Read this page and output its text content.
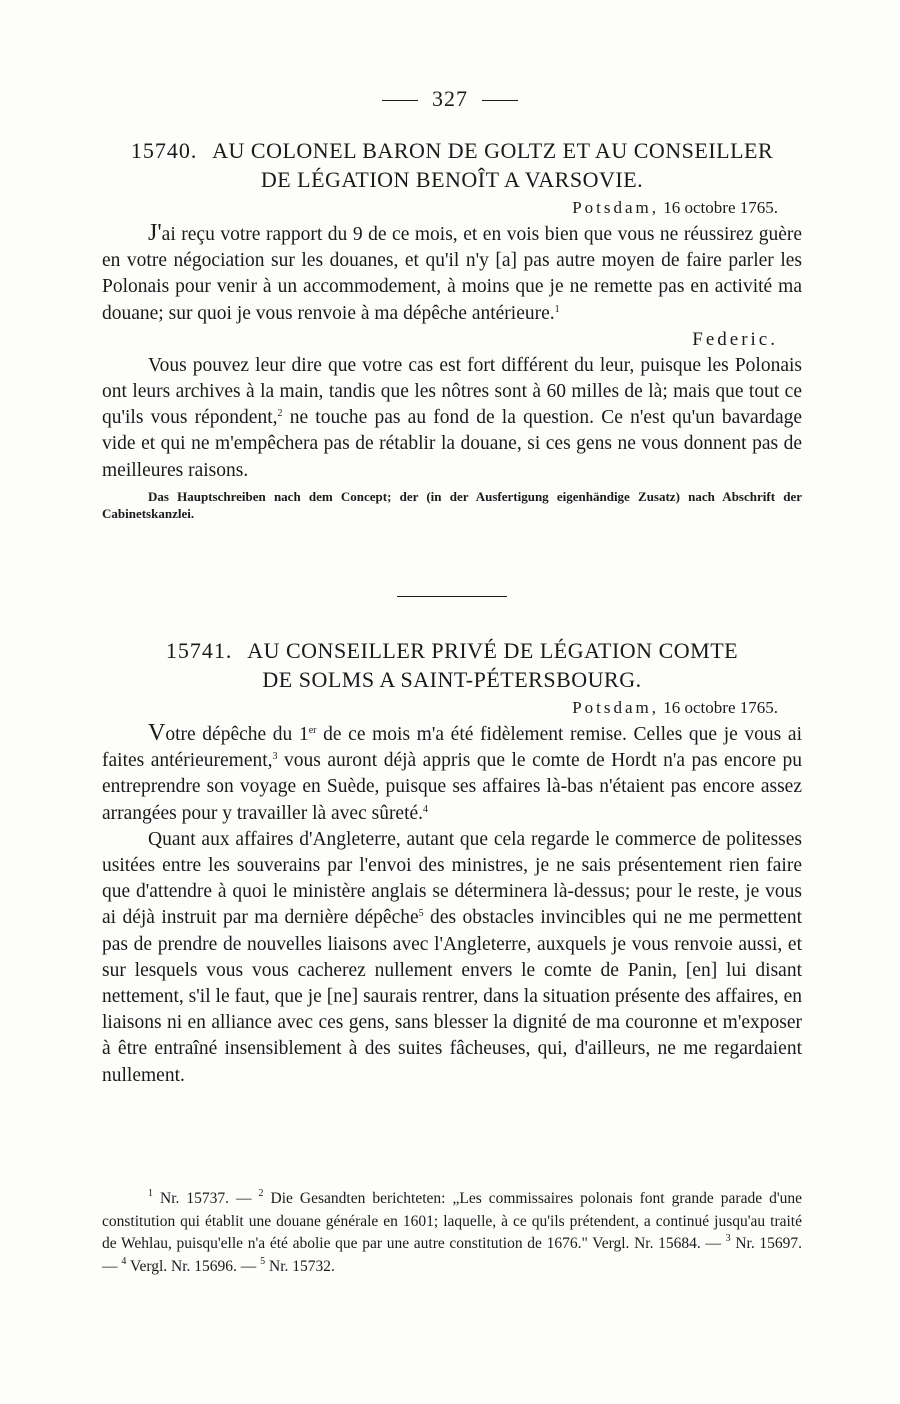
327

15740. AU COLONEL BARON DE GOLTZ ET AU CONSEILLER
DE LÉGATION BENOÎT A VARSOVIE.

Potsdam, 16 octobre 1765.

J'ai reçu votre rapport du 9 de ce mois, et en vois bien que vous ne réussirez guère en votre négociation sur les douanes, et qu'il n'y [a] pas autre moyen de faire parler les Polonais pour venir à un accommodement, à moins que je ne remette pas en activité ma douane; sur quoi je vous renvoie à ma dépêche antérieure.$^1$

Federic.

Vous pouvez leur dire que votre cas est fort différent du leur, puisque les Polonais ont leurs archives à la main, tandis que les nôtres sont à 60 milles de là; mais que tout ce qu'ils vous répondent,$^2$ ne touche pas au fond de la question. Ce n'est qu'un bavardage vide et qui ne m'empêchera pas de rétablir la douane, si ces gens ne vous donnent pas de meilleures raisons.

Das Hauptschreiben nach dem Concept; der (in der Ausfertigung eigenhändige Zusatz) nach Abschrift der Cabinetskanzlei.

15741. AU CONSEILLER PRIVÉ DE LÉGATION COMTE
DE SOLMS A SAINT-PÉTERSBOURG.

Potsdam, 16 octobre 1765.

Votre dépêche du 1er de ce mois m'a été fidèlement remise. Celles que je vous ai faites antérieurement,$^3$ vous auront déjà appris que le comte de Hordt n'a pas encore pu entreprendre son voyage en Suède, puisque ses affaires là-bas n'étaient pas encore assez arrangées pour y travailler là avec sûreté.$^4$

Quant aux affaires d'Angleterre, autant que cela regarde le commerce de politesses usitées entre les souverains par l'envoi des ministres, je ne sais présentement rien faire que d'attendre à quoi le ministère anglais se déterminera là-dessus; pour le reste, je vous ai déjà instruit par ma dernière dépêche$^5$ des obstacles invincibles qui ne me permettent pas de prendre de nouvelles liaisons avec l'Angleterre, auxquels je vous renvoie aussi, et sur lesquels vous vous cacherez nullement envers le comte de Panin, [en] lui disant nettement, s'il le faut, que je [ne] saurais rentrer, dans la situation présente des affaires, en liaisons ni en alliance avec ces gens, sans blesser la dignité de ma couronne et m'exposer à être entraîné insensiblement à des suites fâcheuses, qui, d'ailleurs, ne me regardaient nullement.

$^1$ Nr. 15737. — $^2$ Die Gesandten berichteten: „Les commissaires polonais font grande parade d'une constitution qui établit une douane générale en 1601; laquelle, à ce qu'ils prétendent, a continué jusqu'au traité de Wehlau, puisqu'elle n'a été abolie que par une autre constitution de 1676." Vergl. Nr. 15684. — $^3$ Nr. 15697. — $^4$ Vergl. Nr. 15696. — $^5$ Nr. 15732.
